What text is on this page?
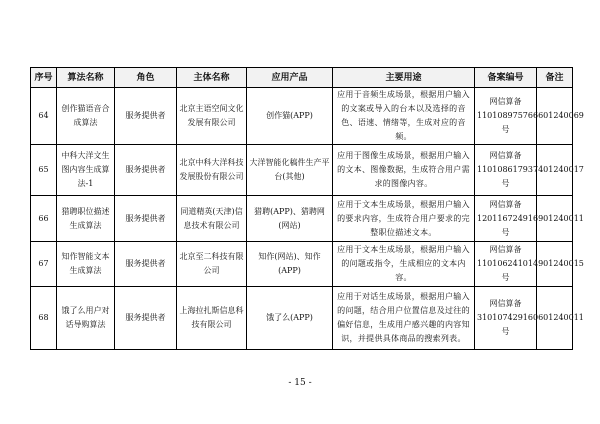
序号	算法名称	角色	主体名称	应用产品	主要用途	备案编号	备注
64	创作猫语音合成算法	服务提供者	北京主语空间文化发展有限公司	创作猫(APP)	应用于音频生成场景，根据用户输入的文案或导入的台本以及选择的音色、语速、情绪等，生成对应的音频。	网信算备
110108975766601240069 号	

65	中科大洋文生图内容生成算法-1	服务提供者	北京中科大洋科技发展股份有限公司	大洋智能化稿件生产平台(其他)	应用于图像生成场景，根据用户输入的文本、图像数据，生成符合用户需求的图像内容。	网信算备
110108617937401240017 号	

66	猎聘职位描述生成算法	服务提供者	同道精英(天津)信息技术有限公司	猎聘(APP)、猎聘网(网站)	应用于文本生成场景，根据用户输入的要求内容，生成符合用户要求的完整职位描述文本。	网信算备
120116724916901240011 号	

67	知作智能文本生成算法	服务提供者	北京至二科技有限公司	知作(网站)、知作(APP)	应用于文本生成场景，根据用户输入的问题或指令，生成相应的文本内容。	网信算备
110106241014901240015 号	

68	饿了么用户对话导购算法	服务提供者	上海拉扎斯信息科技有限公司	饿了么(APP)	应用于对话生成场景，根据用户输入的问题，结合用户位置信息及过往的偏好信息，生成用户感兴趣的内容知识，并提供具体商品的搜索列表。	网信算备
310107429160601240011 号	

- 15 -
